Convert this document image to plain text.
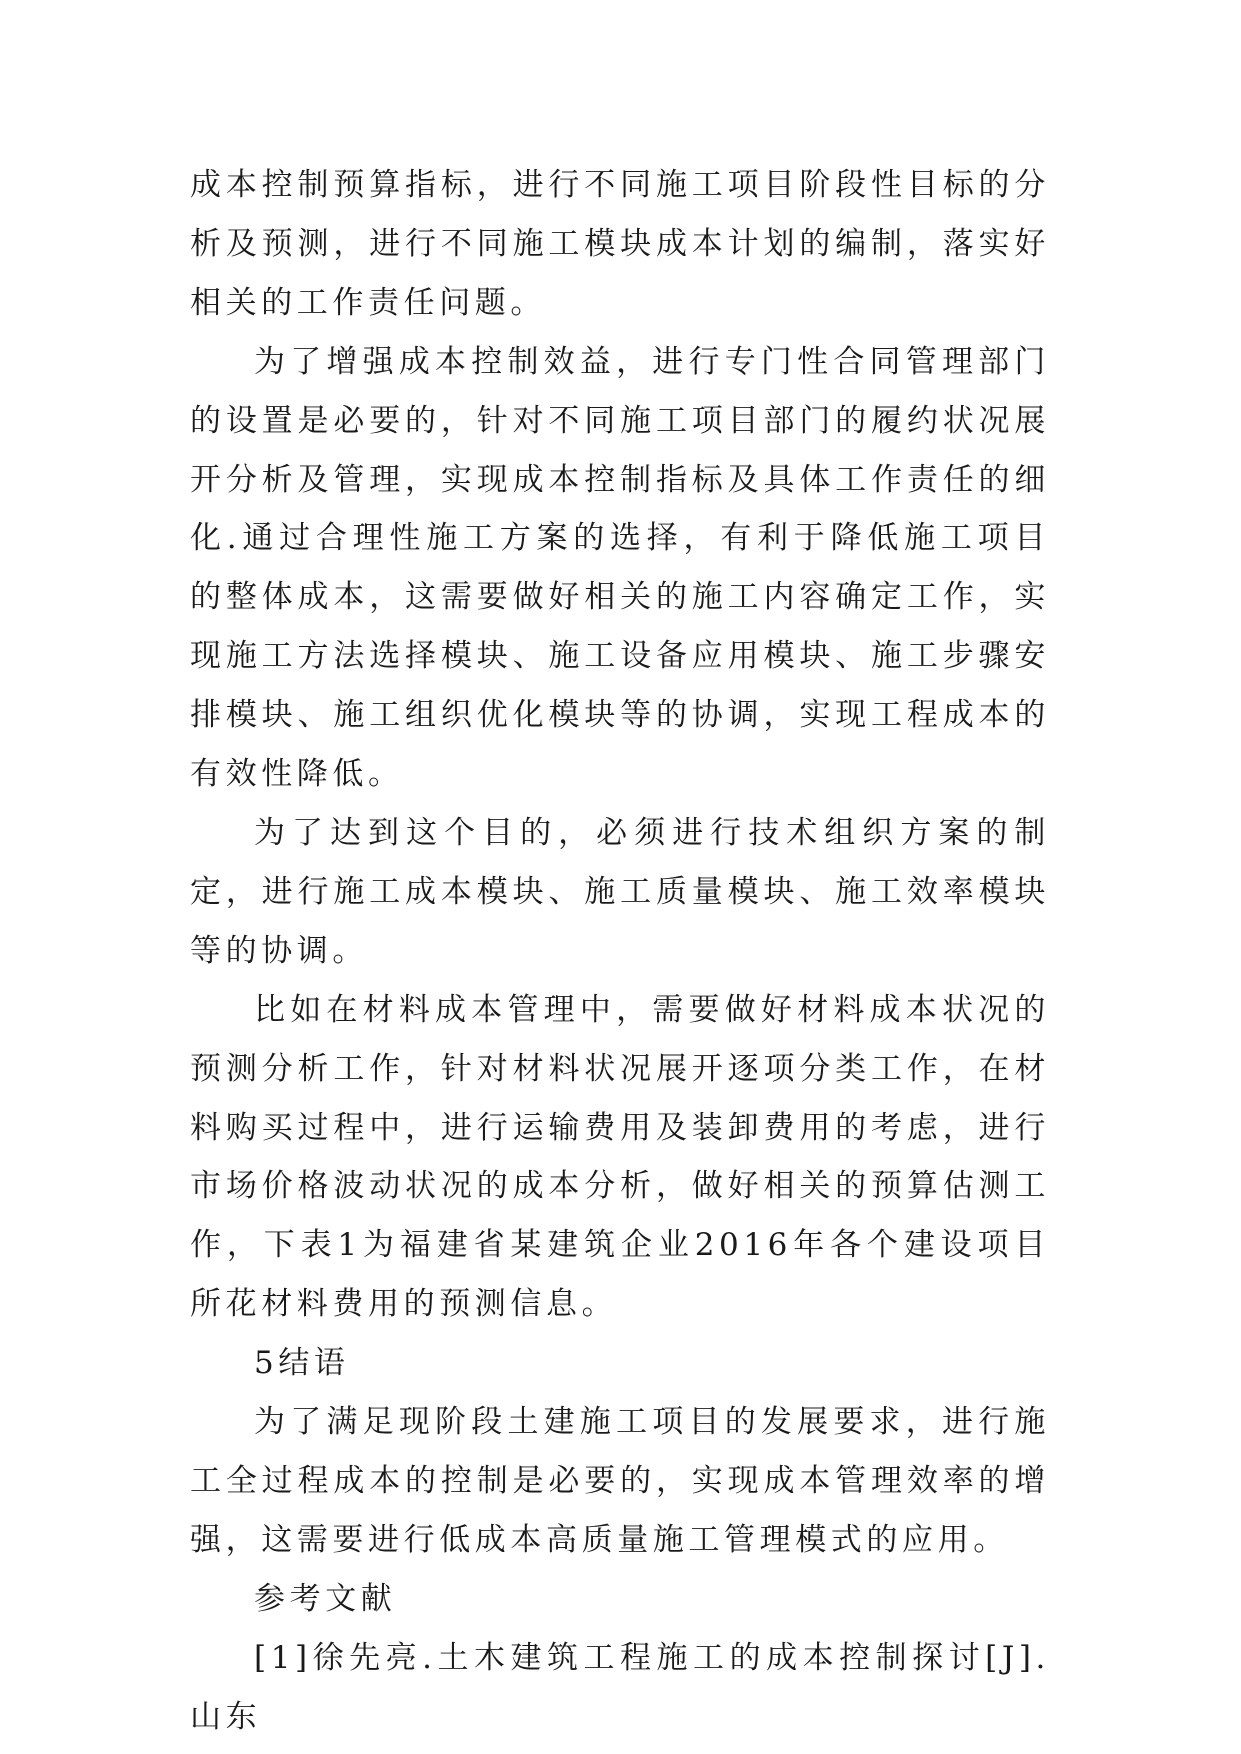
成本控制预算指标，进行不同施工项目阶段性目标的分析及预测，进行不同施工模块成本计划的编制，落实好相关的工作责任问题。

为了增强成本控制效益，进行专门性合同管理部门的设置是必要的，针对不同施工项目部门的履约状况展开分析及管理，实现成本控制指标及具体工作责任的细化.通过合理性施工方案的选择，有利于降低施工项目的整体成本，这需要做好相关的施工内容确定工作，实现施工方法选择模块、施工设备应用模块、施工步骤安排模块、施工组织优化模块等的协调，实现工程成本的有效性降低。

为了达到这个目的，必须进行技术组织方案的制定，进行施工成本模块、施工质量模块、施工效率模块等的协调。

比如在材料成本管理中，需要做好材料成本状况的预测分析工作，针对材料状况展开逐项分类工作，在材料购买过程中，进行运输费用及装卸费用的考虑，进行市场价格波动状况的成本分析，做好相关的预算估测工作，下表1为福建省某建筑企业2016年各个建设项目所花材料费用的预测信息。

5结语

为了满足现阶段土建施工项目的发展要求，进行施工全过程成本的控制是必要的，实现成本管理效率的增强，这需要进行低成本高质量施工管理模式的应用。

参考文献

[1]徐先亮.土木建筑工程施工的成本控制探讨[J].山东
